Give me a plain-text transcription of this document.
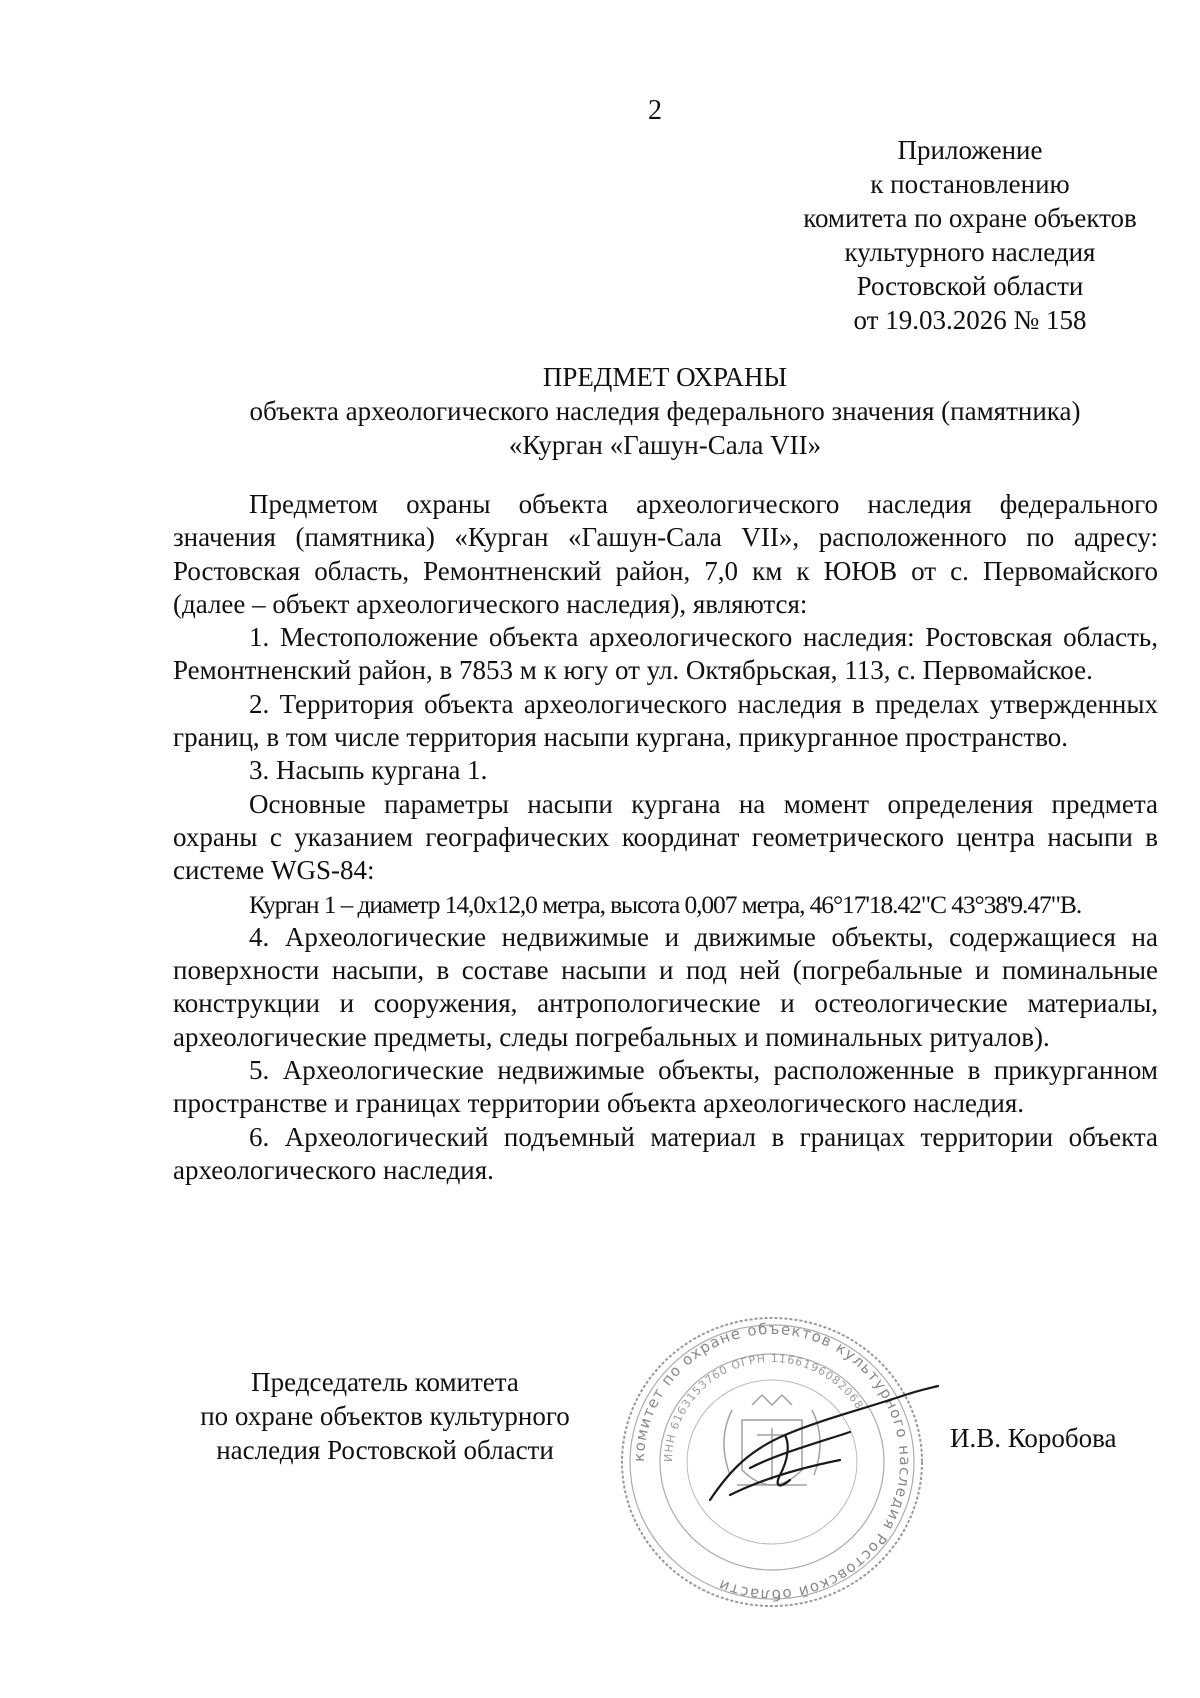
2
Приложение
к постановлению
комитета по охране объектов
культурного наследия
Ростовской области
от 19.03.2026 № 158
ПРЕДМЕТ ОХРАНЫ
объекта археологического наследия федерального значения (памятника)
«Курган «Гашун-Сала VII»

Предметом охраны объекта археологического наследия федерального значения (памятника) «Курган «Гашун-Сала VII», расположенного по адресу: Ростовская область, Ремонтненский район, 7,0 км к ЮЮВ от с. Первомайского (далее – объект археологического наследия), являются:

1. Местоположение объекта археологического наследия: Ростовская область, Ремонтненский район, в 7853 м к югу от ул. Октябрьская, 113, с. Первомайское.

2. Территория объекта археологического наследия в пределах утвержденных границ, в том числе территория насыпи кургана, прикурганное пространство.

3. Насыпь кургана 1.

Основные параметры насыпи кургана на момент определения предмета охраны с указанием географических координат геометрического центра насыпи в системе WGS-84:

Курган 1 – диаметр 14,0х12,0 метра, высота 0,007 метра, 46°17'18.42"С 43°38'9.47"В.

4. Археологические недвижимые и движимые объекты, содержащиеся на поверхности насыпи, в составе насыпи и под ней (погребальные и поминальные конструкции и сооружения, антропологические и остеологические материалы, археологические предметы, следы погребальных и поминальных ритуалов).

5. Археологические недвижимые объекты, расположенные в прикурганном пространстве и границах территории объекта археологического наследия.

6. Археологический подъемный материал в границах территории объекта археологического наследия.

комитет по охране объектов культурного наследия Ростовской области
ИНН 6163153760 ОГРН 1166196082068
Председатель комитета
по охране объектов культурного
наследия Ростовской области	И.В. Коробова
